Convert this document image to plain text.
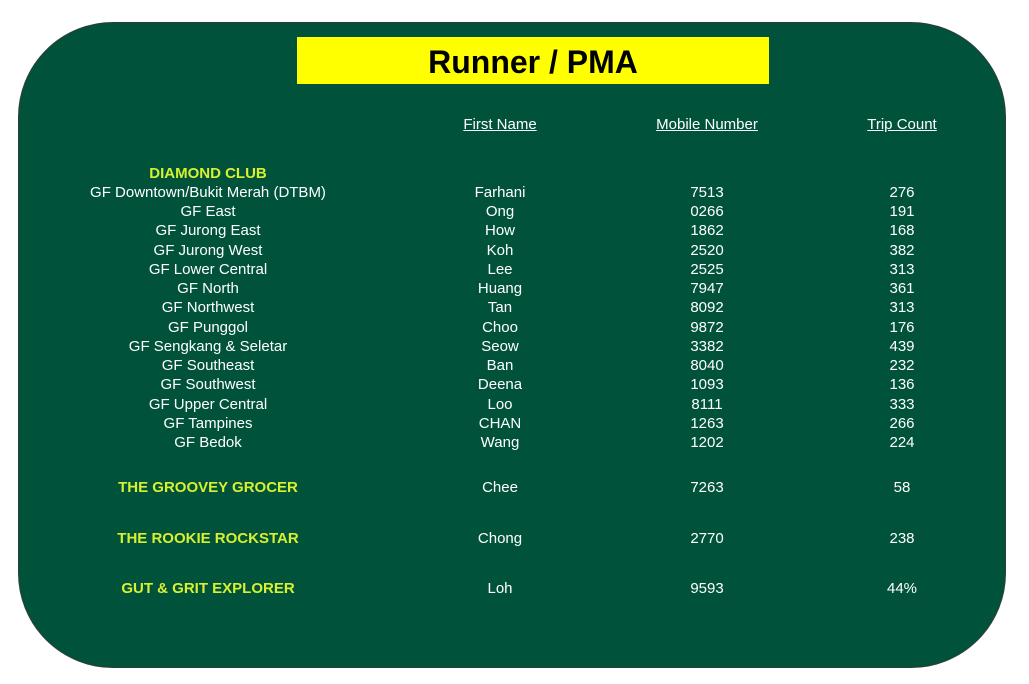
Runner / PMA
First Name	Mobile Number	Trip Count
DIAMOND CLUB
GF Downtown/Bukit Merah (DTBM)	Farhani	7513	276
GF East	Ong	0266	191
GF Jurong East	How	1862	168
GF Jurong West	Koh	2520	382
GF Lower Central	Lee	2525	313
GF North	Huang	7947	361
GF Northwest	Tan	8092	313
GF Punggol	Choo	9872	176
GF Sengkang & Seletar	Seow	3382	439
GF Southeast	Ban	8040	232
GF Southwest	Deena	1093	136
GF Upper Central	Loo	8111	333
GF Tampines	CHAN	1263	266
GF Bedok	Wang	1202	224
THE GROOVEY GROCER	Chee	7263	58
THE ROOKIE ROCKSTAR	Chong	2770	238
GUT & GRIT EXPLORER	Loh	9593	44%
